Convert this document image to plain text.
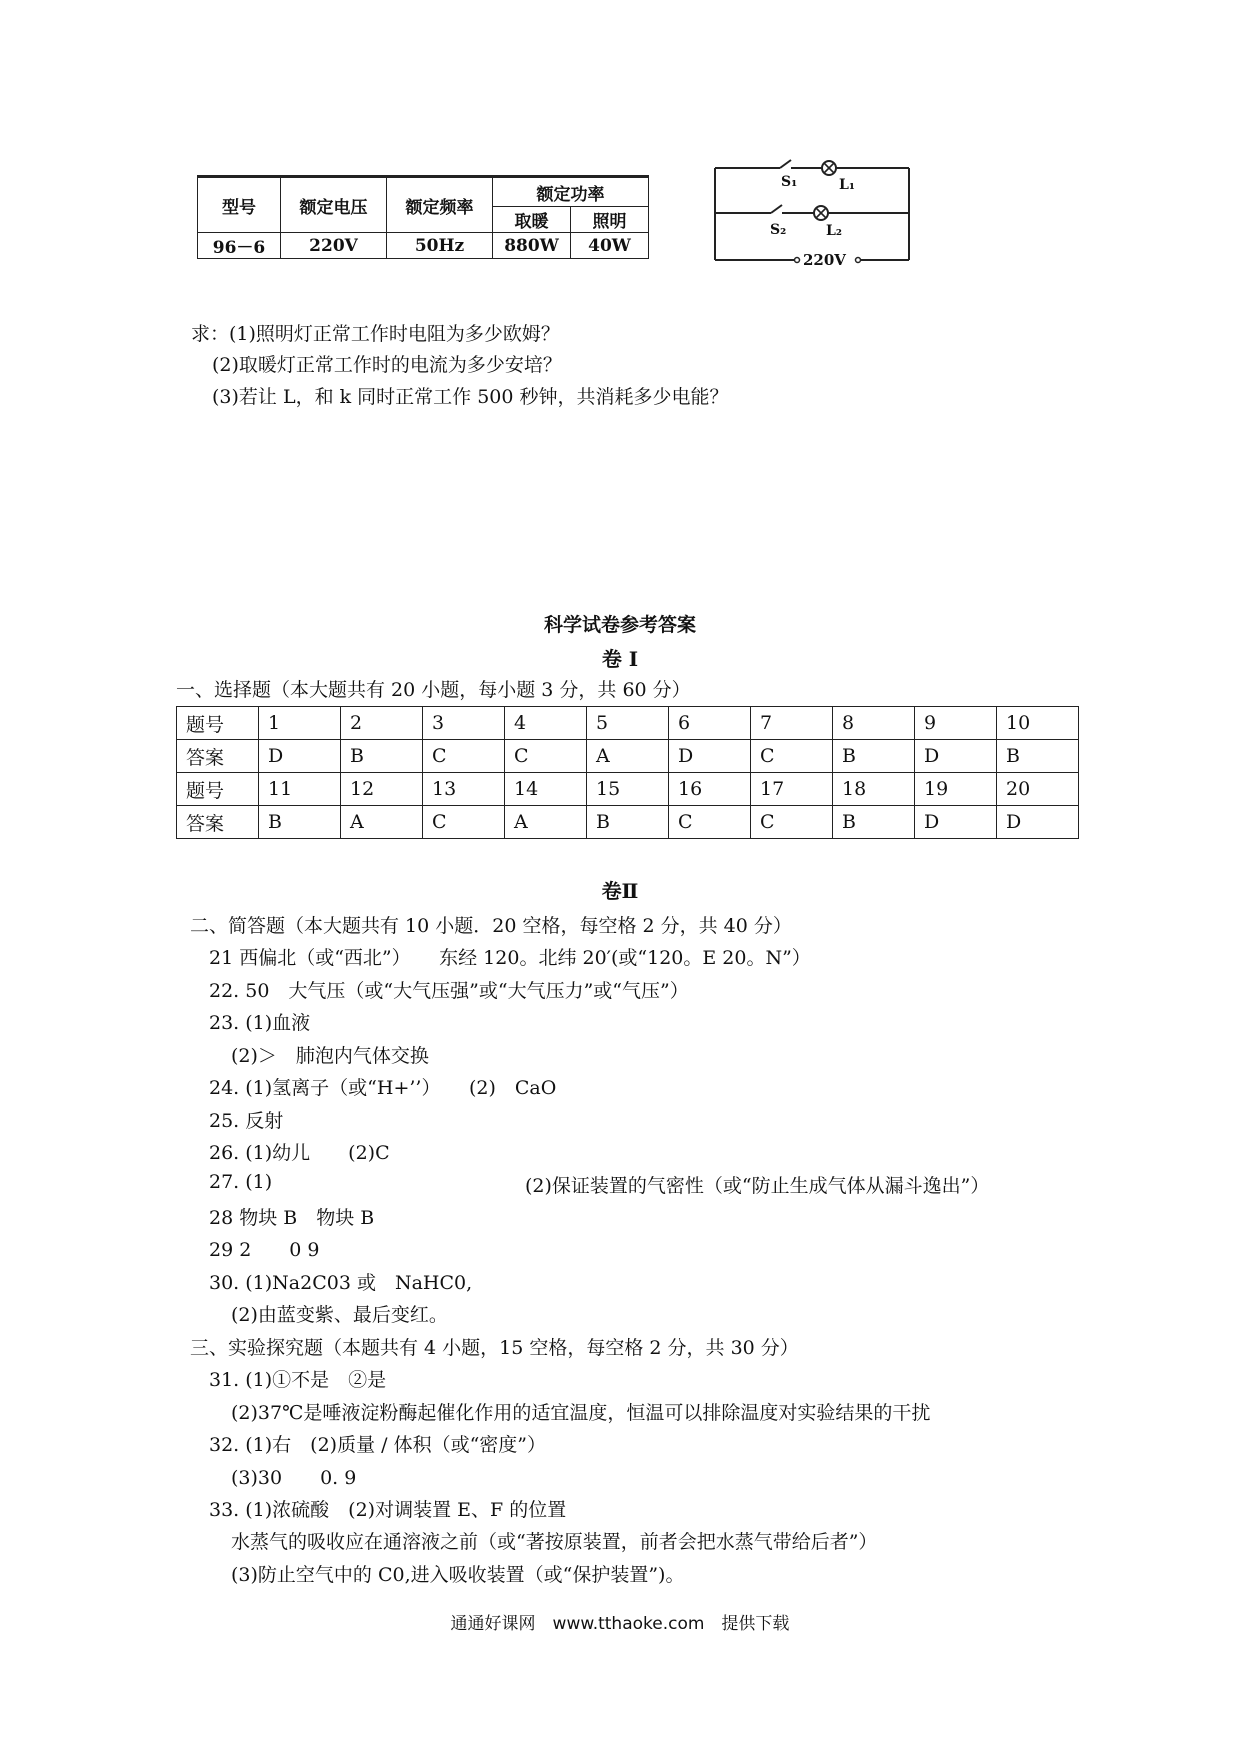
型号	额定电压	额定频率	额定功率	
			取暖	照明
96－6	220V	50Hz	880W	40W
S₁	L₁
S₂	L₂
220V
求：(1)照明灯正常工作时电阻为多少欧姆？
(2)取暖灯正常工作时的电流为多少安培？
(3)若让 L，和 k 同时正常工作 500 秒钟，共消耗多少电能？
科学试卷参考答案
卷 I
一、选择题（本大题共有 20 小题，每小题 3 分，共 60 分）
题号	1	2	3	4	5	6	7	8	9	10
答案	D	B	C	C	A	D	C	B	D	B
题号	11	12	13	14	15	16	17	18	19	20
答案	B	A	C	A	B	C	C	B	D	D
卷Ⅱ
二、简答题（本大题共有 10 小题．20 空格，每空格 2 分，共 40 分）
21 西偏北（或“西北”）　　东经 120。北纬 20′(或“120。E 20。N”）
22. 50　大气压（或“大气压强”或“大气压力”或“气压”）
23. (1)血液
(2)＞　肺泡内气体交换
24. (1)氢离子（或“H+’’）　　(2)　CaO
25. 反射
26. (1)幼儿　　(2)C
27. (1)	(2)保证装置的气密性（或“防止生成气体从漏斗逸出”）
28 物块 B　物块 B
29 2　　0 9
30. (1)Na2C03 或　NaHC0,
(2)由蓝变紫、最后变红。
三、实验探究题（本题共有 4 小题，15 空格，每空格 2 分，共 30 分）
31. (1)①不是　②是
(2)37℃是唾液淀粉酶起催化作用的适宜温度，恒温可以排除温度对实验结果的干扰
32. (1)右　(2)质量 / 体积（或“密度”）
(3)30　　0. 9
33. (1)浓硫酸　(2)对调装置 E、F 的位置
水蒸气的吸收应在通溶液之前（或“著按原装置，前者会把水蒸气带给后者”）
(3)防止空气中的 C0,进入吸收装置（或“保护装置”)。
通通好课网　www.tthaoke.com　提供下载
